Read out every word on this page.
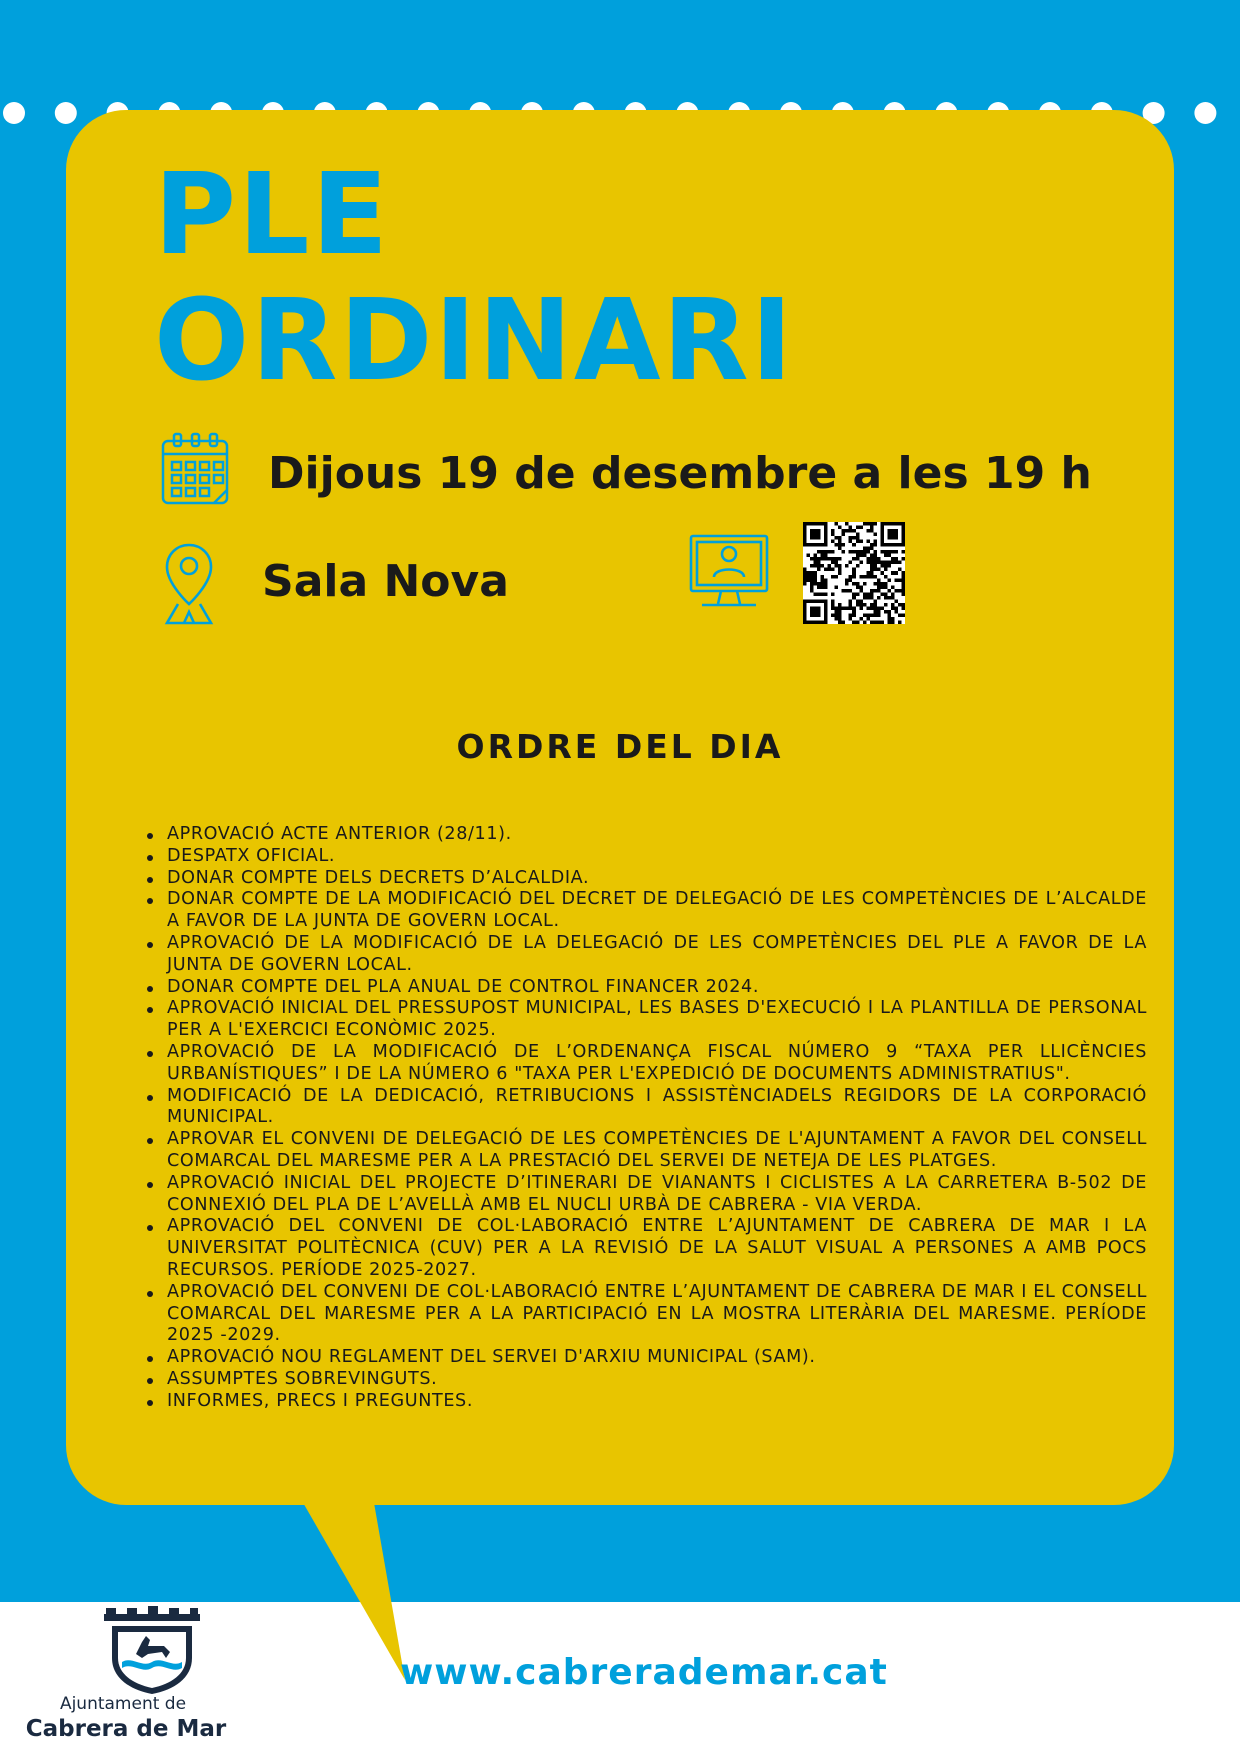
PLE
ORDINARI
Dijous 19 de desembre a les 19 h
Sala Nova
ORDRE DEL DIA
APROVACIÓ ACTE ANTERIOR (28/11).
DESPATX OFICIAL.
DONAR COMPTE DELS DECRETS D’ALCALDIA.
DONAR COMPTE DE LA MODIFICACIÓ DEL DECRET DE DELEGACIÓ DE LES COMPETÈNCIES DE L’ALCALDE A FAVOR DE LA JUNTA DE GOVERN LOCAL.
APROVACIÓ DE LA MODIFICACIÓ DE LA DELEGACIÓ DE LES COMPETÈNCIES DEL PLE A FAVOR DE LA JUNTA DE GOVERN LOCAL.
DONAR COMPTE DEL PLA ANUAL DE CONTROL FINANCER 2024.
APROVACIÓ INICIAL DEL PRESSUPOST MUNICIPAL, LES BASES D'EXECUCIÓ I LA PLANTILLA DE PERSONAL PER A L'EXERCICI ECONÒMIC 2025.
APROVACIÓ DE LA MODIFICACIÓ DE L’ORDENANÇA FISCAL NÚMERO 9 “TAXA PER LLICÈNCIES URBANÍSTIQUES” I DE LA NÚMERO 6 "TAXA PER L'EXPEDICIÓ DE DOCUMENTS ADMINISTRATIUS".
MODIFICACIÓ DE LA DEDICACIÓ, RETRIBUCIONS I ASSISTÈNCIADELS REGIDORS DE LA CORPORACIÓ MUNICIPAL.
APROVAR EL CONVENI DE DELEGACIÓ DE LES COMPETÈNCIES DE L'AJUNTAMENT A FAVOR DEL CONSELL COMARCAL DEL MARESME PER A LA PRESTACIÓ DEL SERVEI DE NETEJA DE LES PLATGES.
APROVACIÓ INICIAL DEL PROJECTE D’ITINERARI DE VIANANTS I CICLISTES A LA CARRETERA B-502 DE CONNEXIÓ DEL PLA DE L’AVELLÀ AMB EL NUCLI URBÀ DE CABRERA - VIA VERDA.
APROVACIÓ DEL CONVENI DE COL·LABORACIÓ ENTRE L’AJUNTAMENT DE CABRERA DE MAR I LA UNIVERSITAT POLITÈCNICA (CUV) PER A LA REVISIÓ DE LA SALUT VISUAL A PERSONES A AMB POCS RECURSOS. PERÍODE 2025-2027.
APROVACIÓ DEL CONVENI DE COL·LABORACIÓ ENTRE L’AJUNTAMENT DE CABRERA DE MAR I EL CONSELL COMARCAL DEL MARESME PER A LA PARTICIPACIÓ EN LA MOSTRA LITERÀRIA DEL MARESME. PERÍODE 2025 -2029.
APROVACIÓ NOU REGLAMENT DEL SERVEI D'ARXIU MUNICIPAL (SAM).
ASSUMPTES SOBREVINGUTS.
INFORMES, PRECS I PREGUNTES.
Ajuntament de
Cabrera de Mar
www.cabrerademar.cat
